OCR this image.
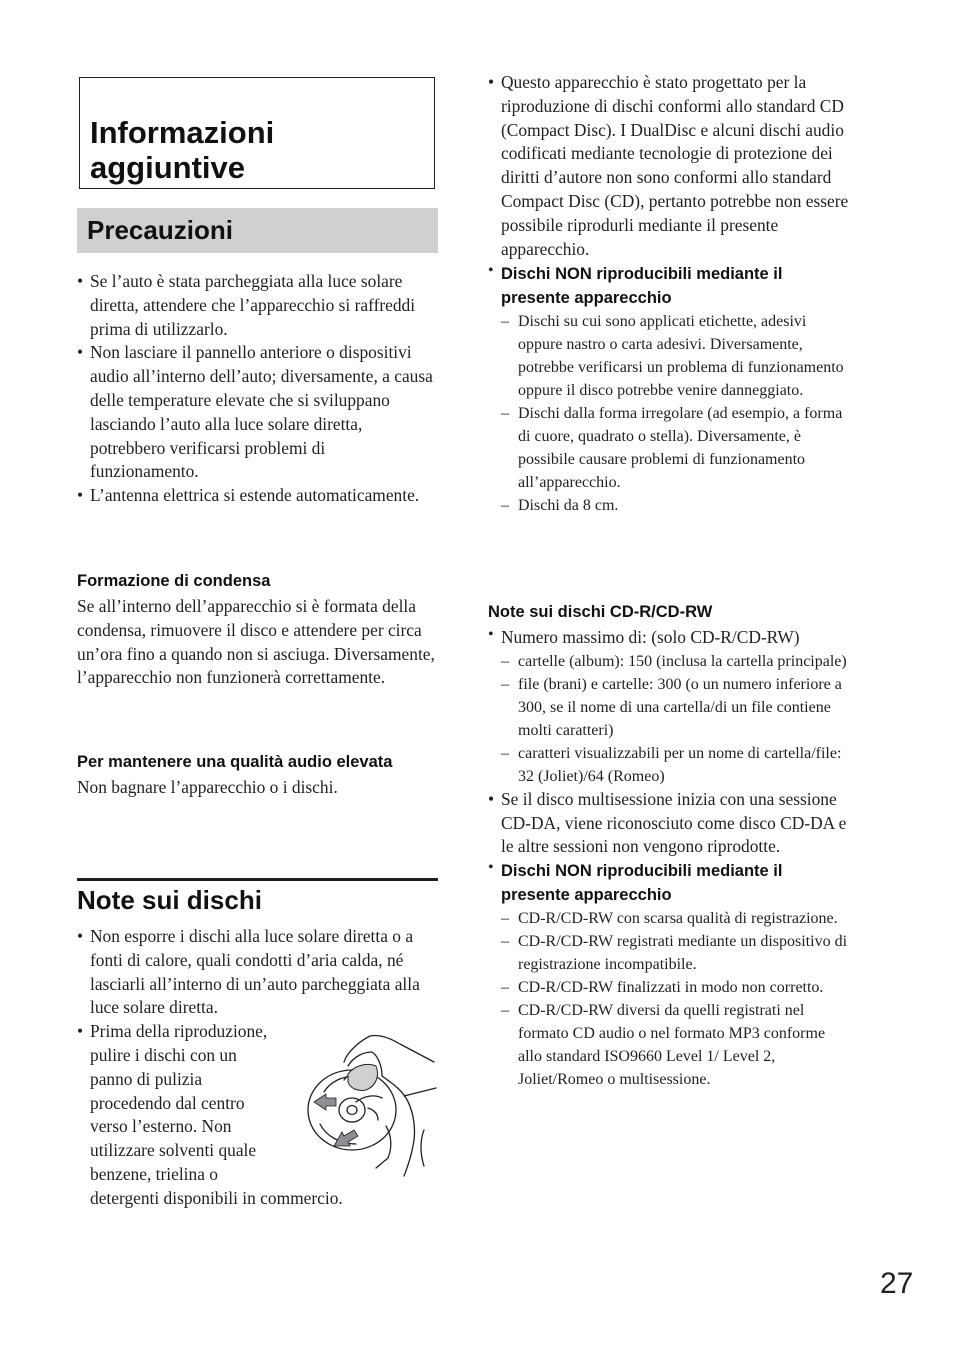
Informazioni aggiuntive
Precauzioni
• Se l’auto è stata parcheggiata alla luce solare diretta, attendere che l’apparecchio si raffreddi prima di utilizzarlo.
• Non lasciare il pannello anteriore o dispositivi audio all’interno dell’auto; diversamente, a causa delle temperature elevate che si sviluppano lasciando l’auto alla luce solare diretta, potrebbero verificarsi problemi di funzionamento.
• L’antenna elettrica si estende automaticamente.
Formazione di condensa
Se all’interno dell’apparecchio si è formata della condensa, rimuovere il disco e attendere per circa un’ora fino a quando non si asciuga. Diversamente, l’apparecchio non funzionerà correttamente.
Per mantenere una qualità audio elevata
Non bagnare l’apparecchio o i dischi.
Note sui dischi
• Non esporre i dischi alla luce solare diretta o a fonti di calore, quali condotti d’aria calda, né lasciarli all’interno di un’auto parcheggiata alla luce solare diretta.
• Prima della riproduzione,
pulire i dischi con un
panno di pulizia
procedendo dal centro
verso l’esterno. Non
utilizzare solventi quale
benzene, trielina o
detergenti disponibili in commercio.
• Questo apparecchio è stato progettato per la riproduzione di dischi conformi allo standard CD (Compact Disc). I DualDisc e alcuni dischi audio codificati mediante tecnologie di protezione dei diritti d’autore non sono conformi allo standard Compact Disc (CD), pertanto potrebbe non essere possibile riprodurli mediante il presente apparecchio.
• Dischi NON riproducibili mediante il presente apparecchio
– Dischi su cui sono applicati etichette, adesivi oppure nastro o carta adesivi. Diversamente, potrebbe verificarsi un problema di funzionamento oppure il disco potrebbe venire danneggiato.
– Dischi dalla forma irregolare (ad esempio, a forma di cuore, quadrato o stella). Diversamente, è possibile causare problemi di funzionamento all’apparecchio.
– Dischi da 8 cm.
Note sui dischi CD-R/CD-RW
• Numero massimo di: (solo CD-R/CD-RW)
– cartelle (album): 150 (inclusa la cartella principale)
– file (brani) e cartelle: 300 (o un numero inferiore a 300, se il nome di una cartella/di un file contiene molti caratteri)
– caratteri visualizzabili per un nome di cartella/file: 32 (Joliet)/64 (Romeo)
• Se il disco multisessione inizia con una sessione CD-DA, viene riconosciuto come disco CD-DA e le altre sessioni non vengono riprodotte.
• Dischi NON riproducibili mediante il presente apparecchio
– CD-R/CD-RW con scarsa qualità di registrazione.
– CD-R/CD-RW registrati mediante un dispositivo di registrazione incompatibile.
– CD-R/CD-RW finalizzati in modo non corretto.
– CD-R/CD-RW diversi da quelli registrati nel formato CD audio o nel formato MP3 conforme allo standard ISO9660 Level 1/ Level 2, Joliet/Romeo o multisessione.
27
